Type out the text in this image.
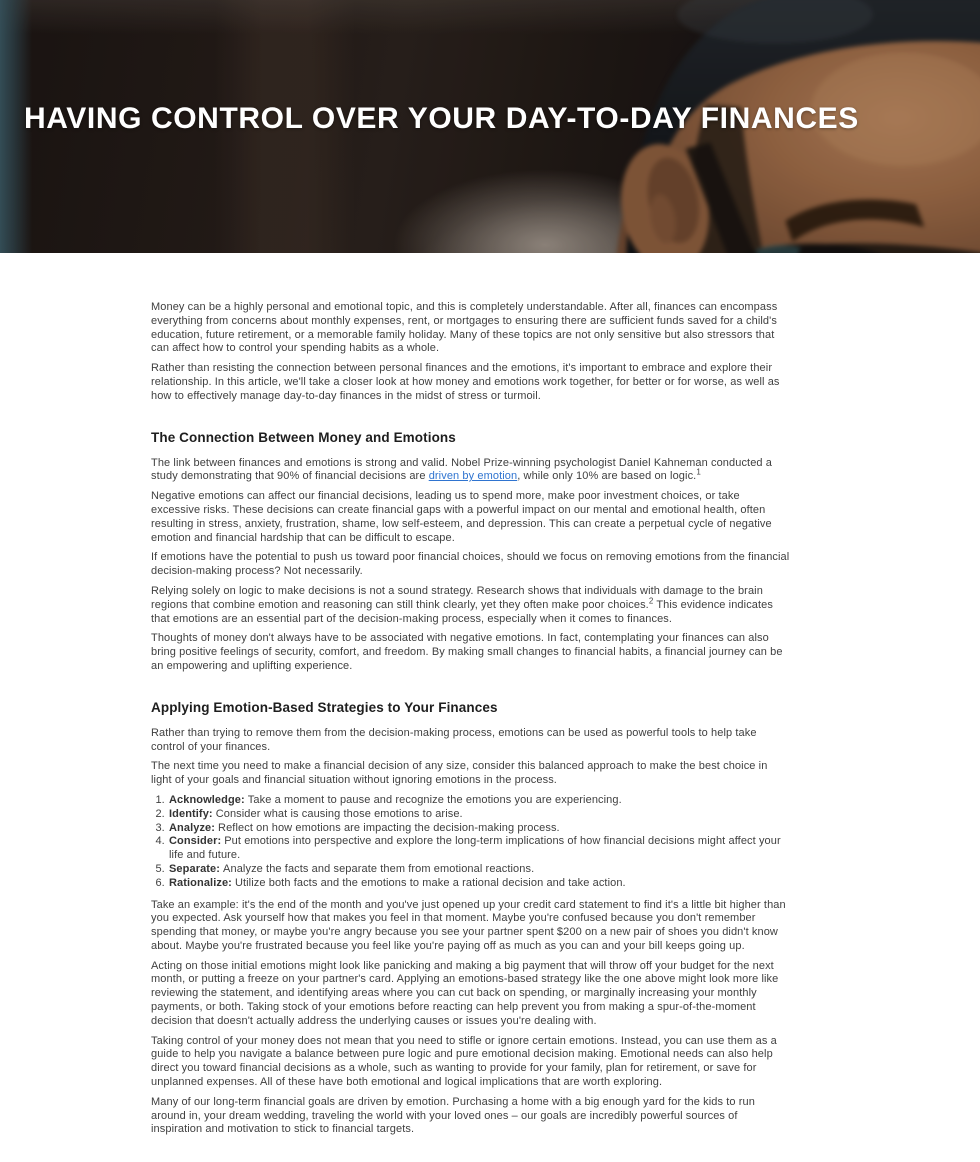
HAVING CONTROL OVER YOUR DAY-TO-DAY FINANCES

Money can be a highly personal and emotional topic, and this is completely understandable. After all, finances can encompass everything from concerns about monthly expenses, rent, or mortgages to ensuring there are sufficient funds saved for a child's education, future retirement, or a memorable family holiday. Many of these topics are not only sensitive but also stressors that can affect how to control your spending habits as a whole.

Rather than resisting the connection between personal finances and the emotions, it's important to embrace and explore their relationship. In this article, we'll take a closer look at how money and emotions work together, for better or for worse, as well as how to effectively manage day-to-day finances in the midst of stress or turmoil.

The Connection Between Money and Emotions

The link between finances and emotions is strong and valid. Nobel Prize-winning psychologist Daniel Kahneman conducted a study demonstrating that 90% of financial decisions are driven by emotion, while only 10% are based on logic.$^1$

Negative emotions can affect our financial decisions, leading us to spend more, make poor investment choices, or take excessive risks. These decisions can create financial gaps with a powerful impact on our mental and emotional health, often resulting in stress, anxiety, frustration, shame, low self-esteem, and depression. This can create a perpetual cycle of negative emotion and financial hardship that can be difficult to escape.

If emotions have the potential to push us toward poor financial choices, should we focus on removing emotions from the financial decision-making process? Not necessarily.

Relying solely on logic to make decisions is not a sound strategy. Research shows that individuals with damage to the brain regions that combine emotion and reasoning can still think clearly, yet they often make poor choices.$^2$ This evidence indicates that emotions are an essential part of the decision-making process, especially when it comes to finances.

Thoughts of money don't always have to be associated with negative emotions. In fact, contemplating your finances can also bring positive feelings of security, comfort, and freedom. By making small changes to financial habits, a financial journey can be an empowering and uplifting experience.

Applying Emotion-Based Strategies to Your Finances

Rather than trying to remove them from the decision-making process, emotions can be used as powerful tools to help take control of your finances.

The next time you need to make a financial decision of any size, consider this balanced approach to make the best choice in light of your goals and financial situation without ignoring emotions in the process.

1. Acknowledge: Take a moment to pause and recognize the emotions you are experiencing.
2. Identify: Consider what is causing those emotions to arise.
3. Analyze: Reflect on how emotions are impacting the decision-making process.
4. Consider: Put emotions into perspective and explore the long-term implications of how financial decisions might affect your life and future.
5. Separate: Analyze the facts and separate them from emotional reactions.
6. Rationalize: Utilize both facts and the emotions to make a rational decision and take action.

Take an example: it's the end of the month and you've just opened up your credit card statement to find it's a little bit higher than you expected. Ask yourself how that makes you feel in that moment. Maybe you're confused because you don't remember spending that money, or maybe you're angry because you see your partner spent $200 on a new pair of shoes you didn't know about. Maybe you're frustrated because you feel like you're paying off as much as you can and your bill keeps going up.

Acting on those initial emotions might look like panicking and making a big payment that will throw off your budget for the next month, or putting a freeze on your partner's card. Applying an emotions-based strategy like the one above might look more like reviewing the statement, and identifying areas where you can cut back on spending, or marginally increasing your monthly payments, or both. Taking stock of your emotions before reacting can help prevent you from making a spur-of-the-moment decision that doesn't actually address the underlying causes or issues you're dealing with.

Taking control of your money does not mean that you need to stifle or ignore certain emotions. Instead, you can use them as a guide to help you navigate a balance between pure logic and pure emotional decision making. Emotional needs can also help direct you toward financial decisions as a whole, such as wanting to provide for your family, plan for retirement, or save for unplanned expenses. All of these have both emotional and logical implications that are worth exploring.

Many of our long-term financial goals are driven by emotion. Purchasing a home with a big enough yard for the kids to run around in, your dream wedding, traveling the world with your loved ones – our goals are incredibly powerful sources of inspiration and motivation to stick to financial targets.
